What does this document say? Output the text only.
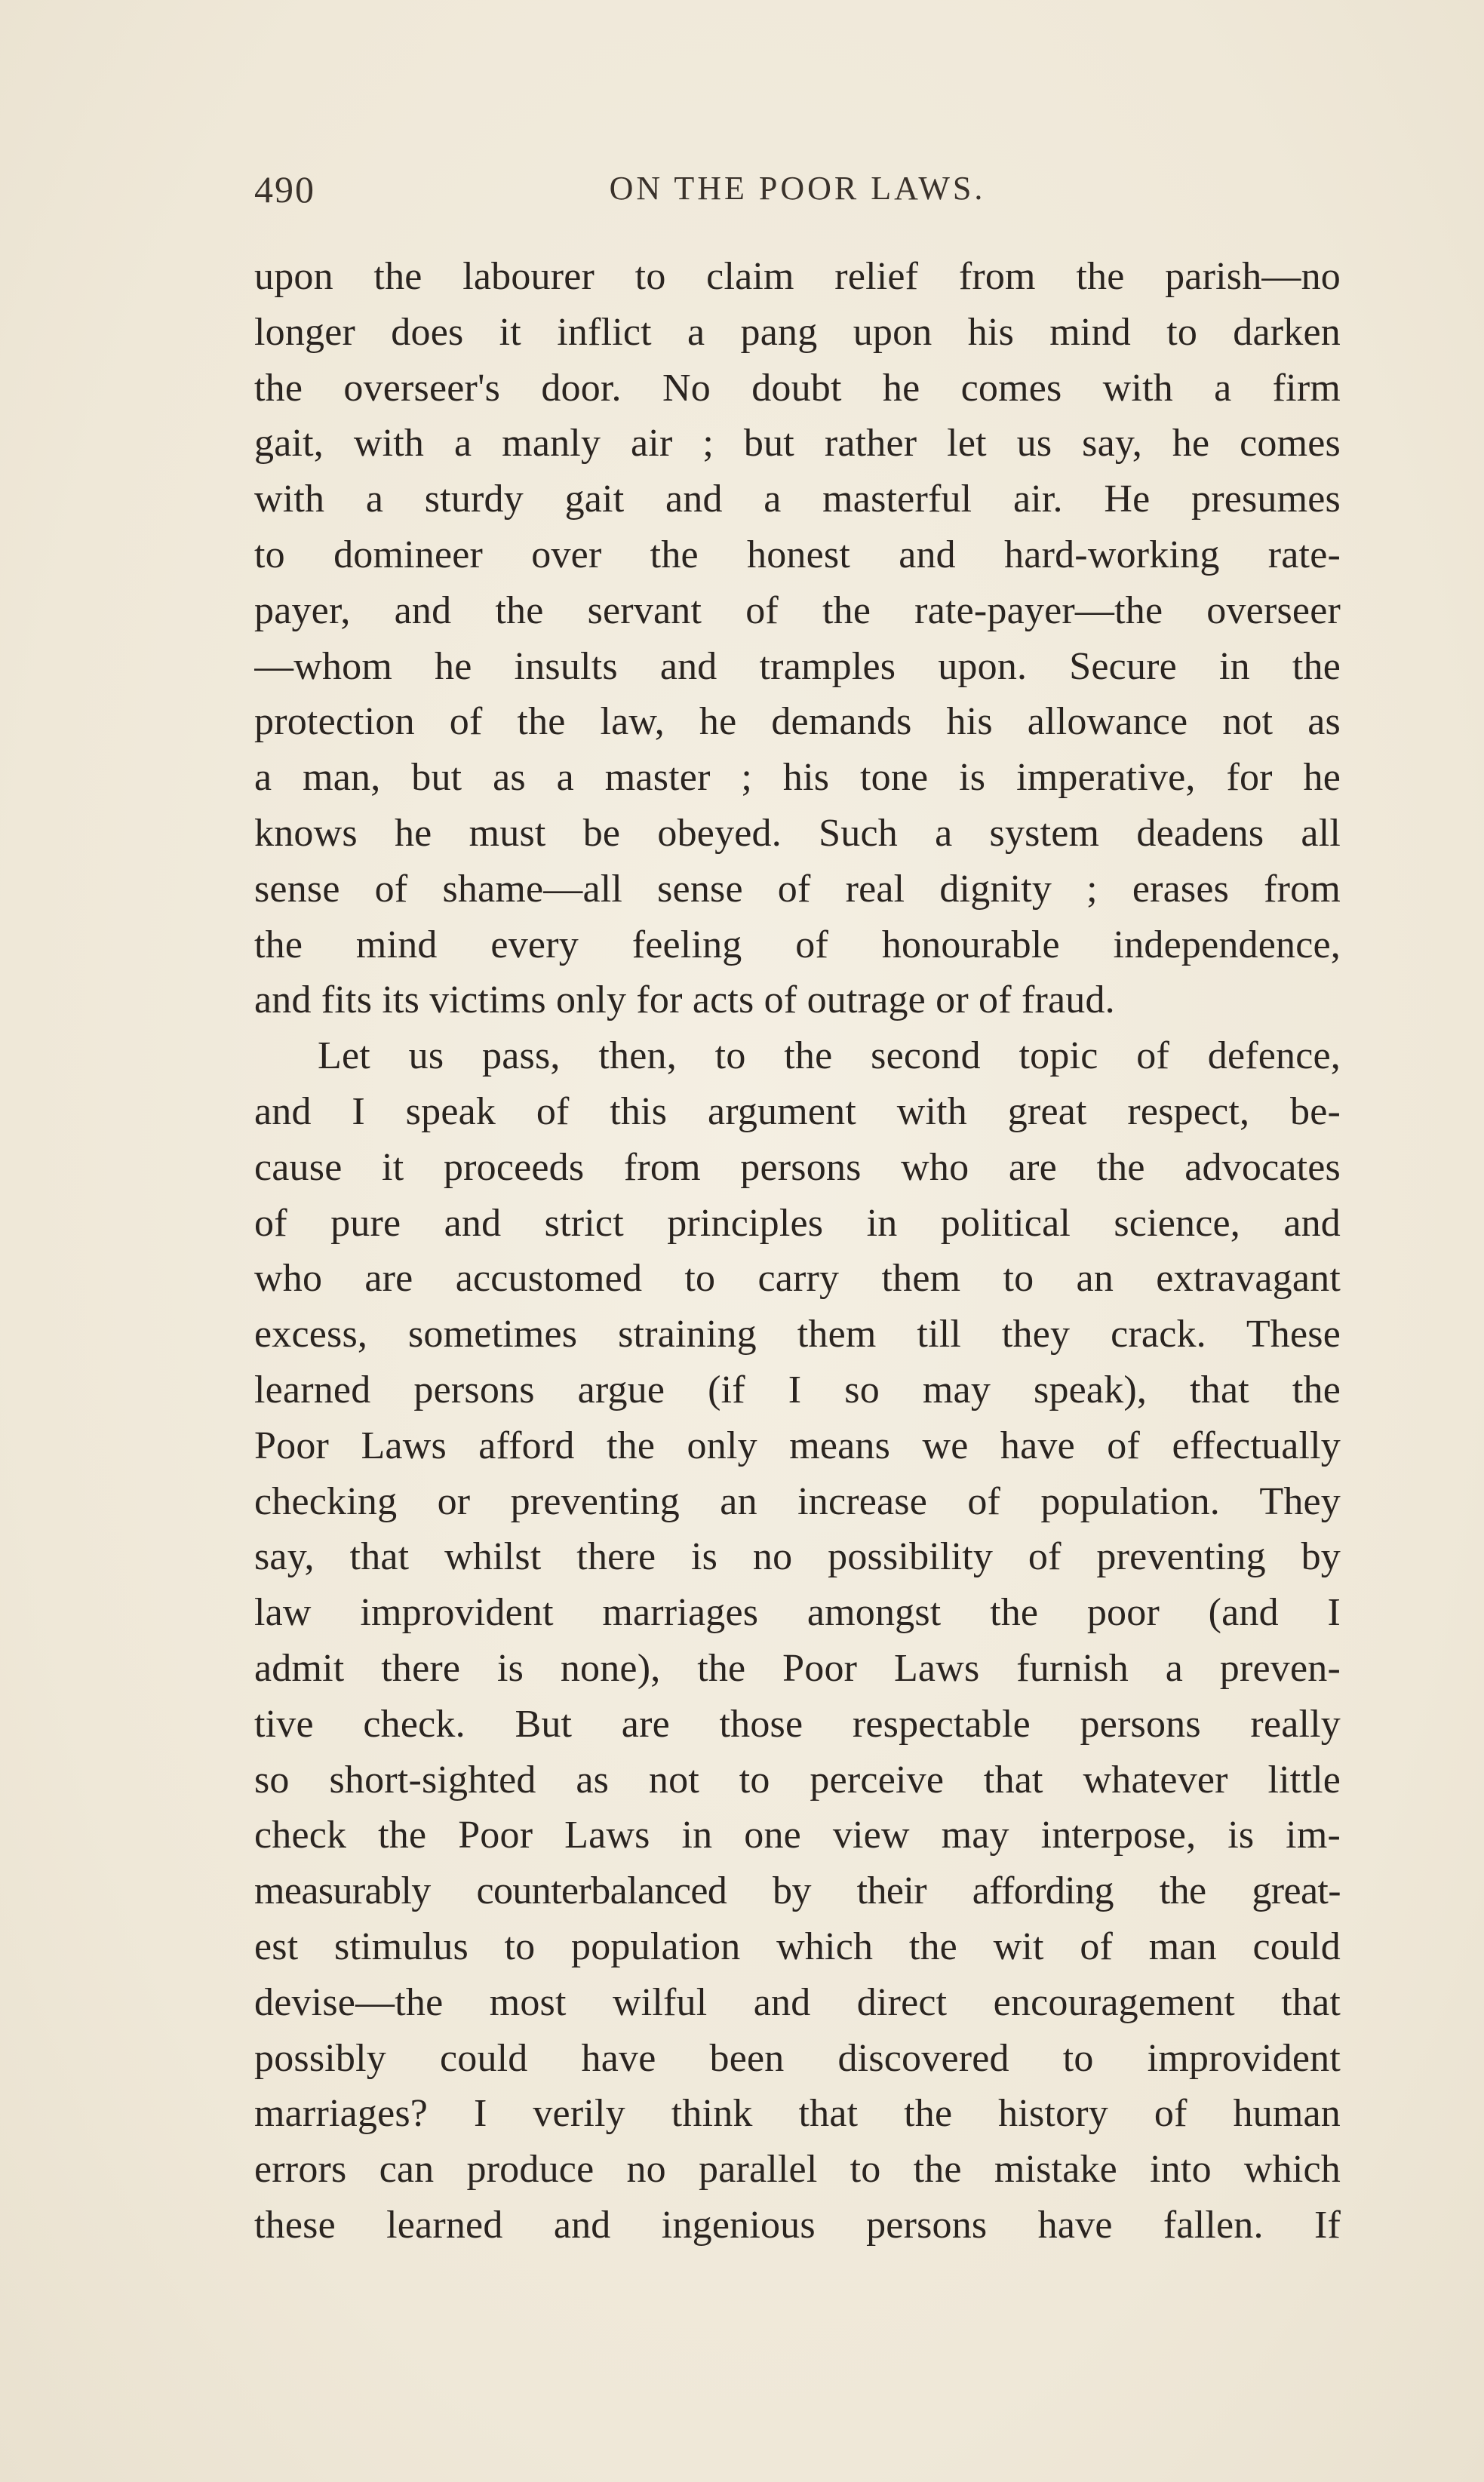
490	ON THE POOR LAWS.
upon the labourer to claim relief from the parish—no
longer does it inflict a pang upon his mind to darken
the overseer's door. No doubt he comes with a firm
gait, with a manly air ; but rather let us say, he comes
with a sturdy gait and a masterful air. He presumes
to domineer over the honest and hard-working rate-
payer, and the servant of the rate-payer—the overseer
—whom he insults and tramples upon. Secure in the
protection of the law, he demands his allowance not as
a man, but as a master ; his tone is imperative, for he
knows he must be obeyed. Such a system deadens all
sense of shame—all sense of real dignity ; erases from
the mind every feeling of honourable independence,
and fits its victims only for acts of outrage or of fraud.
Let us pass, then, to the second topic of defence,
and I speak of this argument with great respect, be-
cause it proceeds from persons who are the advocates
of pure and strict principles in political science, and
who are accustomed to carry them to an extravagant
excess, sometimes straining them till they crack. These
learned persons argue (if I so may speak), that the
Poor Laws afford the only means we have of effectually
checking or preventing an increase of population. They
say, that whilst there is no possibility of preventing by
law improvident marriages amongst the poor (and I
admit there is none), the Poor Laws furnish a preven-
tive check. But are those respectable persons really
so short-sighted as not to perceive that whatever little
check the Poor Laws in one view may interpose, is im-
measurably counterbalanced by their affording the great-
est stimulus to population which the wit of man could
devise—the most wilful and direct encouragement that
possibly could have been discovered to improvident
marriages? I verily think that the history of human
errors can produce no parallel to the mistake into which
these learned and ingenious persons have fallen. If
